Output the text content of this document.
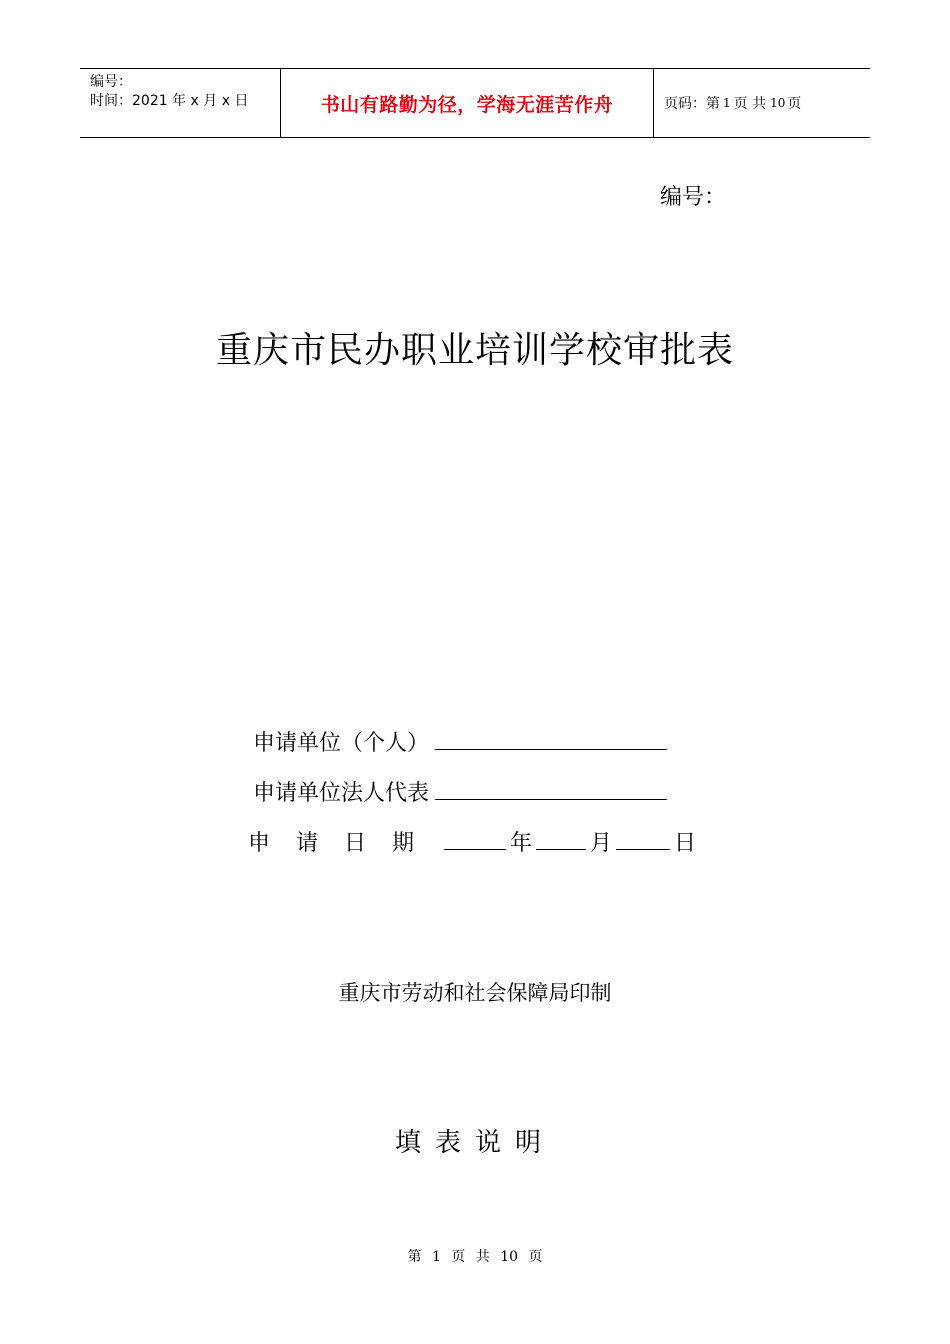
编号：
时间：2021 年 x 月 x 日	书山有路勤为径，学海无涯苦作舟	页码：第 1 页 共 10 页
编号：
重庆市民办职业培训学校审批表
申请单位（个人）
申请单位法人代表
申请日期	年	月	日
重庆市劳动和社会保障局印制
填表说明
第 1 页 共 10 页
